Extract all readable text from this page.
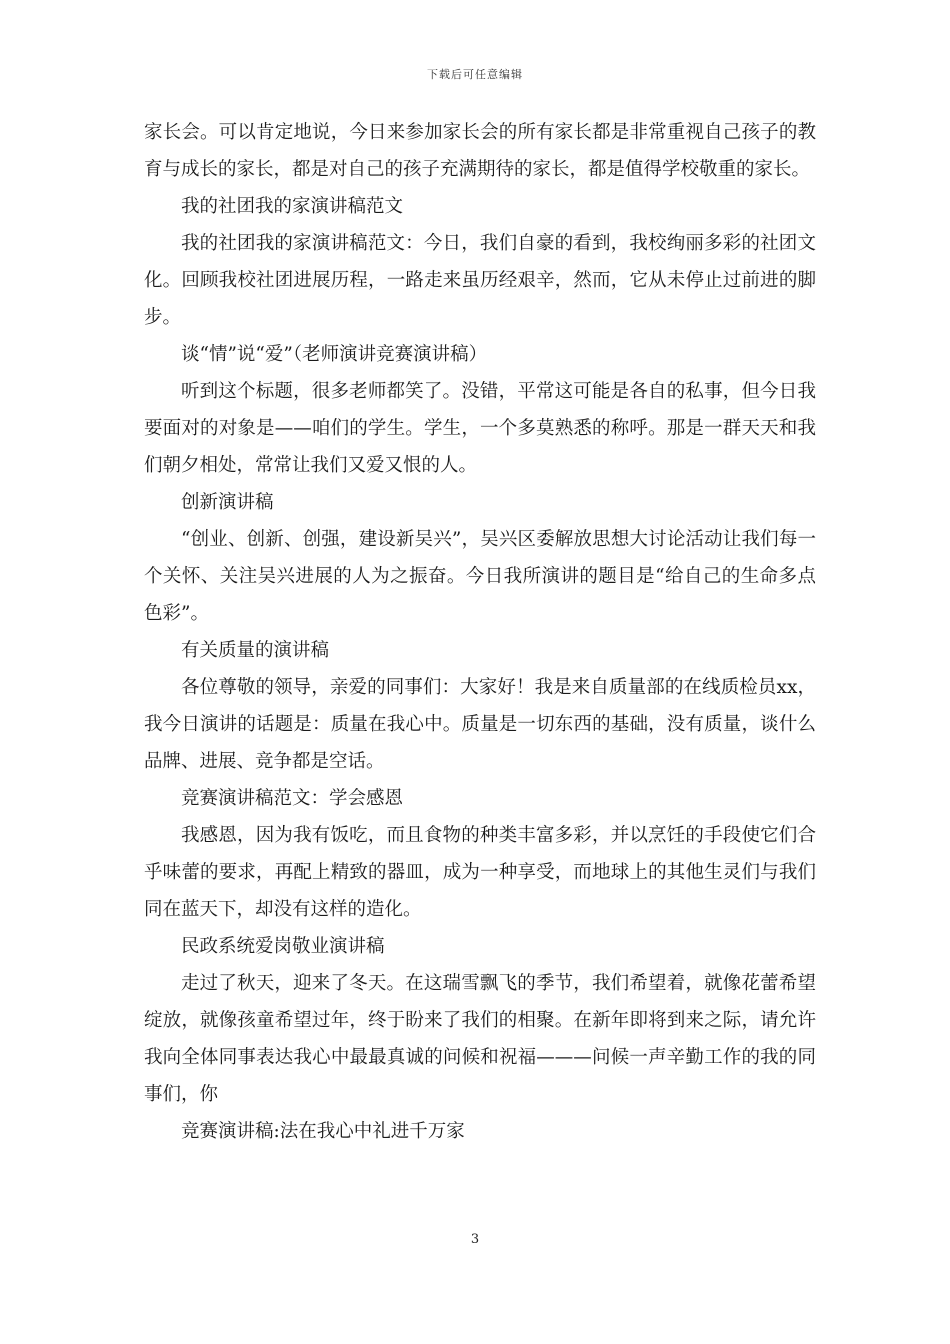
下载后可任意编辑

家长会。可以肯定地说，今日来参加家长会的所有家长都是非常重视自己孩子的教育与成长的家长，都是对自己的孩子充满期待的家长，都是值得学校敬重的家长。

我的社团我的家演讲稿范文

我的社团我的家演讲稿范文：今日，我们自豪的看到，我校绚丽多彩的社团文化。回顾我校社团进展历程，一路走来虽历经艰辛，然而，它从未停止过前进的脚步。

谈“情”说“爱”（老师演讲竞赛演讲稿）

听到这个标题，很多老师都笑了。没错，平常这可能是各自的私事，但今日我要面对的对象是——咱们的学生。学生，一个多莫熟悉的称呼。那是一群天天和我们朝夕相处，常常让我们又爱又恨的人。

创新演讲稿

“创业、创新、创强，建设新吴兴”，吴兴区委解放思想大讨论活动让我们每一个关怀、关注吴兴进展的人为之振奋。今日我所演讲的题目是“给自己的生命多点色彩”。

有关质量的演讲稿

各位尊敬的领导，亲爱的同事们：大家好！我是来自质量部的在线质检员xx，我今日演讲的话题是：质量在我心中。质量是一切东西的基础，没有质量，谈什么品牌、进展、竞争都是空话。

竞赛演讲稿范文：学会感恩

我感恩，因为我有饭吃，而且食物的种类丰富多彩，并以烹饪的手段使它们合乎味蕾的要求，再配上精致的器皿，成为一种享受，而地球上的其他生灵们与我们同在蓝天下，却没有这样的造化。

民政系统爱岗敬业演讲稿

走过了秋天，迎来了冬天。在这瑞雪飘飞的季节，我们希望着，就像花蕾希望绽放，就像孩童希望过年，终于盼来了我们的相聚。在新年即将到来之际，请允许我向全体同事表达我心中最最真诚的问候和祝福———问候一声辛勤工作的我的同事们，你

竞赛演讲稿:法在我心中礼进千万家

3
